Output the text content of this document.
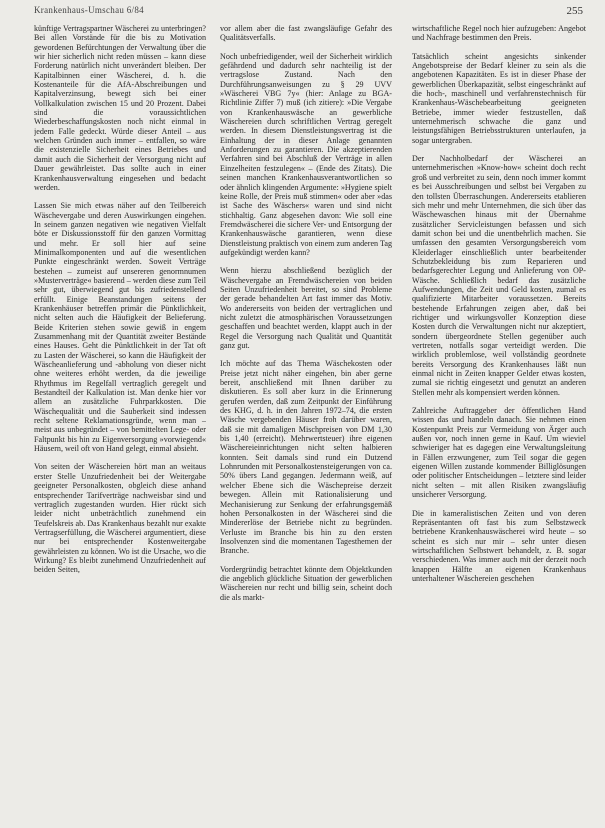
Krankenhaus-Umschau 6/84	255

künftige Vertragspartner Wäscherei zu unterbringen? Bei allen Vorstände für die bis zu Motivation gewordenen Befürchtungen der Verwaltung über die wir hier sicherlich nicht reden müssen – kann diese Forderung natürlich nicht unverändert bleiben. Der Kapitalbinnen einer Wäscherei, d. h. die Kostenanteile für die AfA-Abschreibungen und Kapitalverzinsung, bewegt sich bei einer Vollkalkulation zwischen 15 und 20 Prozent. Dabei sind die voraussichtlichen Wiederbeschaffungskosten noch nicht einmal in jedem Falle gedeckt. Würde dieser Anteil – aus welchen Gründen auch immer – entfallen, so wäre die existenzielle Sicherheit eines Betriebes und damit auch die Sicherheit der Versorgung nicht auf Dauer gewährleistet. Das sollte auch in einer Krankenhausverwaltung eingesehen und bedacht werden.

Lassen Sie mich etwas näher auf den Teilbereich Wäschevergabe und deren Auswirkungen eingehen. In seinem ganzen negativen wie negativen Vielfalt böte er Diskussionsstoff für den ganzen Vormittag und mehr. Er soll hier auf seine Minimalkomponenten und auf die wesentlichen Punkte eingeschränkt werden. Soweit Verträge bestehen – zumeist auf unsereren genormnumen »Musterverträge« basierend – werden diese zum Teil sehr gut, überwiegend gut bis zufriedenstellend erfüllt. Einige Beanstandungen seitens der Krankenhäuser betreffen primär die Pünktlichkeit, nicht selten auch die Häufigkeit der Belieferung. Beide Kriterien stehen sowie gewiß in engem Zusammenhang mit der Quantität zweiter Bestände eines Hauses. Geht die Pünktlichkeit in der Tat oft zu Lasten der Wäscherei, so kann die Häufigkeit der Wäscheanlieferung und -abholung von dieser nicht ohne weiteres erhöht werden, da die jeweilige Rhythmus im Regelfall vertraglich geregelt und Bestandteil der Kalkulation ist. Man denke hier vor allem an zusätzliche Fuhrparkkosten. Die Wäschequalität und die Sauberkeit sind indessen recht seltene Reklamationsgründe, wenn man – meist aus unbegründet – von bemittelten Lege- oder Faltpunkt bis hin zu Eigenversorgung »vorwiegend« Häusern, weil oft von Hand gelegt, einmal absieht.

Von seiten der Wäschereien hört man an weitaus erster Stelle Unzufriedenheit bei der Weitergabe geeigneter Personalkosten, obgleich diese anhand entsprechender Tarifverträge nachweisbar sind und vertraglich zugestanden wurden. Hier rückt sich leider nicht unbeträchtlich zunehmend ein Teufelskreis ab. Das Krankenhaus bezahlt nur exakte Vertragserfüllung, die Wäscherei argumentiert, diese nur bei entsprechender Kostenweitergabe gewährleisten zu können. Wo ist die Ursache, wo die Wirkung? Es bleibt zunehmend Unzufriedenheit auf beiden Seiten,

vor allem aber die fast zwangsläufige Gefahr des Qualitätsverfalls.

Noch unbefriedigender, weil der Sicherheit wirklich gefährdend und dadurch sehr nachteilig ist der vertragslose Zustand. Nach den Durchführungsanweisungen zu § 29 UVV »Wäscherei VBG 7y« (hier: Anlage zu BGA-Richtlinie Ziffer 7) muß (ich zitiere): »Die Vergabe von Krankenhauswäsche an gewerbliche Wäschereien durch schriftlichen Vertrag geregelt werden. In diesem Dienstleistungsvertrag ist die Einhaltung der in dieser Anlage genannten Anforderungen zu garantieren. Die akzeptierenden Verfahren sind bei Abschluß der Verträge in allen Einzelheiten festzulegen« – (Ende des Zitats). Die seinen manchen Krankenhausverantwortlichen so oder ähnlich klingenden Argumente: »Hygiene spielt keine Rolle, der Preis muß stimmen« oder aber »das ist Sache des Wäschers« waren und sind nicht stichhaltig. Ganz abgesehen davon: Wie soll eine Fremdwäscherei die sichere Ver- und Entsorgung der Krankenhauswäsche garantieren, wenn diese Dienstleistung praktisch von einem zum anderen Tag aufgekündigt werden kann?

Wenn hierzu abschließend bezüglich der Wäschevergabe an Fremdwäschereien von beiden Seiten Unzufriedenheit bereitet, so sind Probleme der gerade behandelten Art fast immer das Motiv. Wo andererseits von beiden der vertraglichen und nicht zuletzt die atmosphärischen Voraussetzungen geschaffen und beachtet werden, klappt auch in der Regel die Versorgung nach Qualität und Quantität ganz gut.

Ich möchte auf das Thema Wäschekosten oder Preise jetzt nicht näher eingehen, bin aber gerne bereit, anschließend mit Ihnen darüber zu diskutieren. Es soll aber kurz in die Erinnerung gerufen werden, daß zum Zeitpunkt der Einführung des KHG, d. h. in den Jahren 1972–74, die ersten Wäsche vergebenden Häuser froh darüber waren, daß sie mit damaligen Mischpreisen von DM 1,30 bis 1,40 (erreicht). Mehrwertsteuer) ihre eigenen Wäschereieinrichtungen nicht selten halbieren konnten. Seit damals sind rund ein Dutzend Lohnrunden mit Personalkostensteigerungen von ca. 50% übers Land gegangen. Jedermann weiß, auf welcher Ebene sich die Wäschepreise derzeit bewegen. Allein mit Rationalisierung und Mechanisierung zur Senkung der erfahrungsgemäß hohen Personalkosten in der Wäscherei sind die Mindererlöse der Betriebe nicht zu begründen. Verluste im Branche bis hin zu den ersten Insolvenzen sind die momentanen Tagesthemen der Branche.

Vordergründig betrachtet könnte dem Objektkunden die angeblich glückliche Situation der gewerblichen Wäschereien nur recht und billig sein, scheint doch die als markt-

wirtschaftliche Regel noch hier aufzugeben: Angebot und Nachfrage bestimmen den Preis.

Tatsächlich scheint angesichts sinkender Angebotspreise der Bedarf kleiner zu sein als die angebotenen Kapazitäten. Es ist in dieser Phase der gewerblichen Überkapazität, selbst eingeschränkt auf die hoch-, maschinell und verfahrenstechnisch für Krankenhaus-Wäschebearbeitung geeigneten Betriebe, immer wieder festzustellen, daß unternehmerisch schwache die ganz und leistungsfähigen Betriebsstrukturen unterlaufen, ja sogar untergraben.

Der Nachholbedarf der Wäscherei an unternehmerischen »Know-how« scheint doch recht groß und verbreitet zu sein, denn noch immer kommt es bei Ausschreibungen und selbst bei Vergaben zu den tollsten Überraschungen. Andererseits etablieren sich mehr und mehr Unternehmen, die sich über das Wäschewaschen hinaus mit der Übernahme zusätzlicher Servicleistungen befassen und sich damit schon bei und die unentbehrlich machen. Sie umfassen den gesamten Versorgungsbereich vom Kleiderlager einschließlich unter bearbeitender Schutzbekleidung bis zum Reparieren und bedarfsgerechter Legung und Anlieferung von OP-Wäsche. Schließlich bedarf das zusätzliche Aufwendungen, die Zeit und Geld kosten, zumal es qualifizierte Mitarbeiter voraussetzen. Bereits bestehende Erfahrungen zeigen aber, daß bei richtiger und wirkungsvoller Konzeption diese Kosten durch die Verwaltungen nicht nur akzeptiert, sondern übergeordnete Stellen gegenüber auch vertreten, notfalls sogar verteidigt werden. Die wirklich problemlose, weil vollständig geordnete bereits Versorgung des Krankenhauses läßt nun einmal nicht in Zeiten knapper Gelder etwas kosten, zumal sie richtig eingesetzt und genutzt an anderen Stellen mehr als kompensiert werden können.

Zahlreiche Auftraggeber der öffentlichen Hand wissen das und handeln danach. Sie nehmen einen Kostenpunkt Preis zur Vermeidung von Ärger auch außen vor, noch innen gerne in Kauf. Um wieviel schwieriger hat es dagegen eine Verwaltungsleitung in Fällen erzwungener, zum Teil sogar die gegen eigenen Willen zustande kommender Billiglösungen oder politischer Entscheidungen – letztere sind leider nicht selten – mit allen Risiken zwangsläufig unsicherer Versorgung.

Die in kameralistischen Zeiten und von deren Repräsentanten oft fast bis zum Selbstzweck betriebene Krankenhauswäscherei wird heute – so scheint es sich nur mir – sehr unter diesen wirtschaftlichen Selbstwert behandelt, z. B. sogar verschiedenen. Was immer auch mit der derzeit noch knappen Hälfte an eigenen Krankenhaus unterhaltener Wäschereien geschehen
